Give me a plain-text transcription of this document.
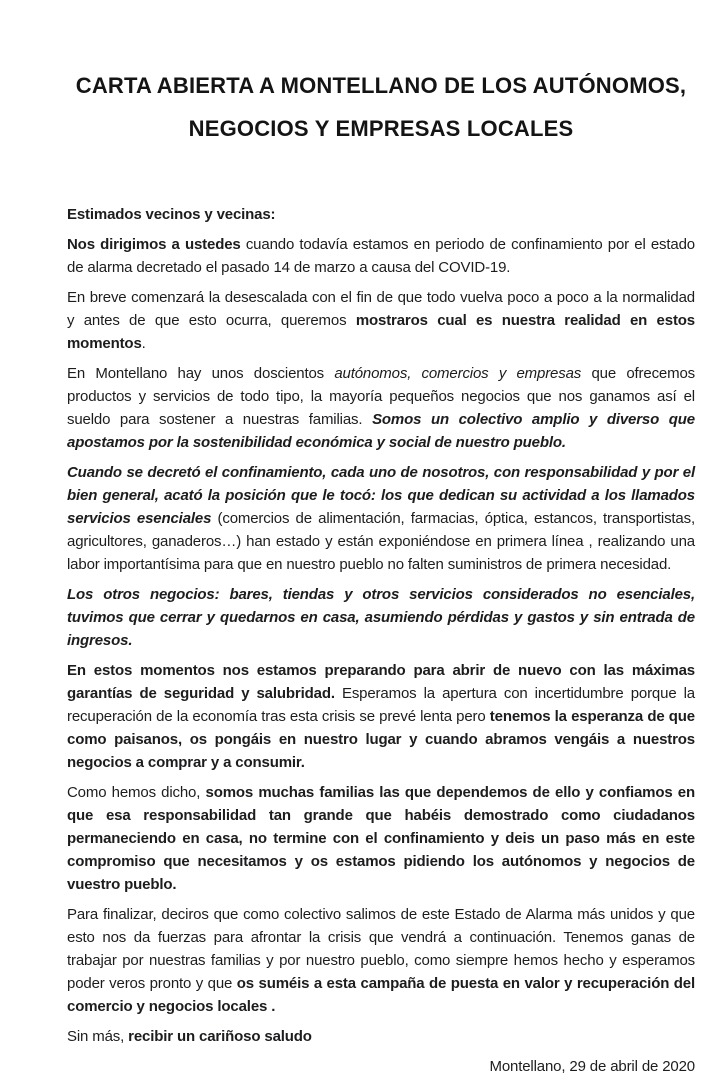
CARTA ABIERTA A MONTELLANO DE LOS AUTÓNOMOS,
NEGOCIOS Y EMPRESAS LOCALES

Estimados vecinos y vecinas:

Nos dirigimos a ustedes cuando todavía estamos en periodo de confinamiento por el estado de alarma decretado el pasado 14 de marzo a causa del COVID-19.

En breve comenzará la desescalada con el fin de que todo vuelva poco a poco a la normalidad y antes de que esto ocurra, queremos mostraros cual es nuestra realidad en estos momentos.

En Montellano hay unos doscientos autónomos, comercios y empresas que ofrecemos productos y servicios de todo tipo, la mayoría pequeños negocios que nos ganamos así el sueldo para sostener a nuestras familias. Somos un colectivo amplio y diverso que apostamos por la sostenibilidad económica y social de nuestro pueblo.

Cuando se decretó el confinamiento, cada uno de nosotros, con responsabilidad y por el bien general, acató la posición que le tocó: los que dedican su actividad a los llamados servicios esenciales (comercios de alimentación, farmacias, óptica, estancos, transportistas, agricultores, ganaderos…) han estado y están exponiéndose en primera línea , realizando una labor importantísima para que en nuestro pueblo no falten suministros de primera necesidad.

Los otros negocios: bares, tiendas y otros servicios considerados no esenciales, tuvimos que cerrar y quedarnos en casa, asumiendo pérdidas y gastos y sin entrada de ingresos.

En estos momentos nos estamos preparando para abrir de nuevo con las máximas garantías de seguridad y salubridad. Esperamos la apertura con incertidumbre porque la recuperación de la economía tras esta crisis se prevé lenta pero tenemos la esperanza de que como paisanos, os pongáis en nuestro lugar y cuando abramos vengáis a nuestros negocios a comprar y a consumir.

Como hemos dicho, somos muchas familias las que dependemos de ello y confiamos en que esa responsabilidad tan grande que habéis demostrado como ciudadanos permaneciendo en casa, no termine con el confinamiento y deis un paso más en este compromiso que necesitamos y os estamos pidiendo los autónomos y negocios de vuestro pueblo.

Para finalizar, deciros que como colectivo salimos de este Estado de Alarma más unidos y que esto nos da fuerzas para afrontar la crisis que vendrá a continuación. Tenemos ganas de trabajar por nuestras familias y por nuestro pueblo, como siempre hemos hecho y esperamos poder veros pronto y que os suméis a esta campaña de puesta en valor y recuperación del comercio y negocios locales .

Sin más, recibir un cariñoso saludo

Montellano, 29 de abril de 2020
